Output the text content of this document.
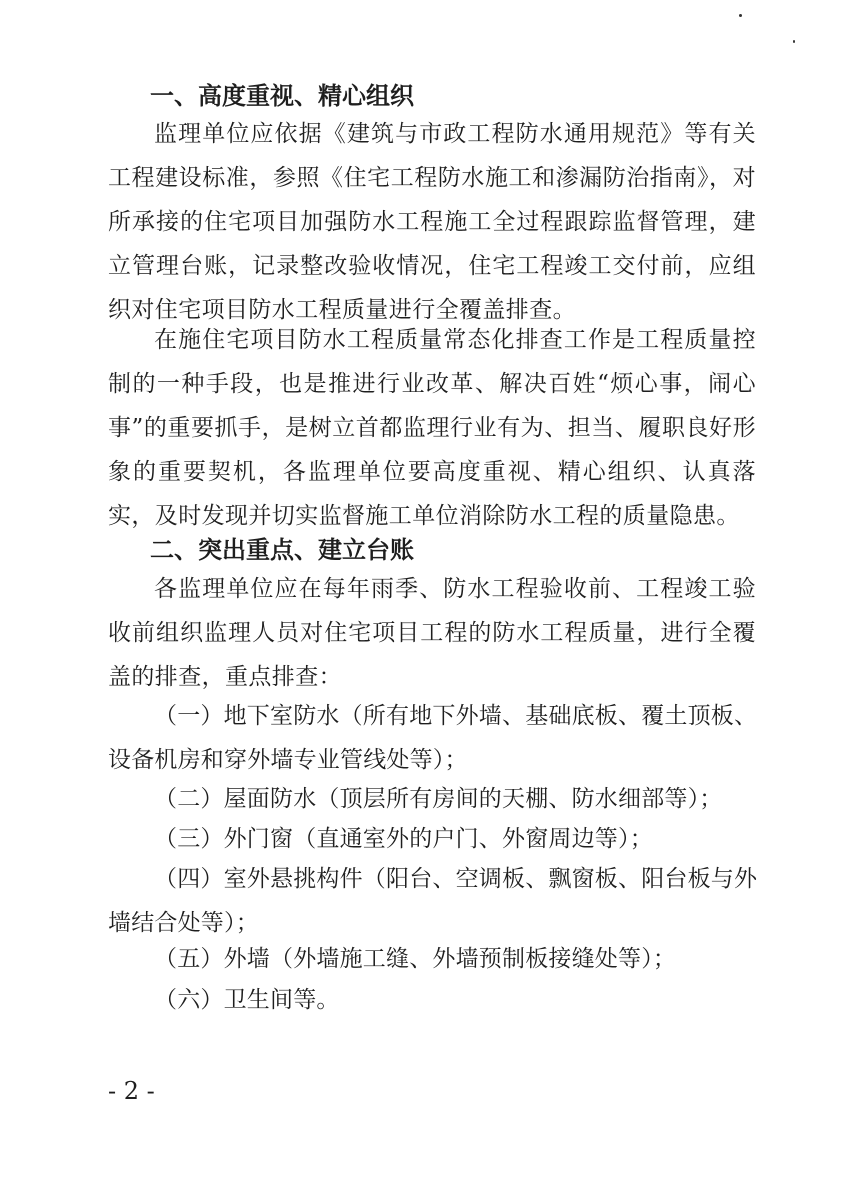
一、高度重视、精心组织

监理单位应依据《建筑与市政工程防水通用规范》等有关工程建设标准，参照《住宅工程防水施工和渗漏防治指南》，对所承接的住宅项目加强防水工程施工全过程跟踪监督管理，建立管理台账，记录整改验收情况，住宅工程竣工交付前，应组织对住宅项目防水工程质量进行全覆盖排查。

在施住宅项目防水工程质量常态化排查工作是工程质量控制的一种手段，也是推进行业改革、解决百姓“烦心事，闹心事”的重要抓手，是树立首都监理行业有为、担当、履职良好形象的重要契机，各监理单位要高度重视、精心组织、认真落实，及时发现并切实监督施工单位消除防水工程的质量隐患。

二、突出重点、建立台账

各监理单位应在每年雨季、防水工程验收前、工程竣工验收前组织监理人员对住宅项目工程的防水工程质量，进行全覆盖的排查，重点排查：

（一）地下室防水（所有地下外墙、基础底板、覆土顶板、设备机房和穿外墙专业管线处等）；

（二）屋面防水（顶层所有房间的天棚、防水细部等）；

（三）外门窗（直通室外的户门、外窗周边等）；

（四）室外悬挑构件（阳台、空调板、飘窗板、阳台板与外墙结合处等）；

（五）外墙（外墙施工缝、外墙预制板接缝处等）；

（六）卫生间等。

- 2 -
